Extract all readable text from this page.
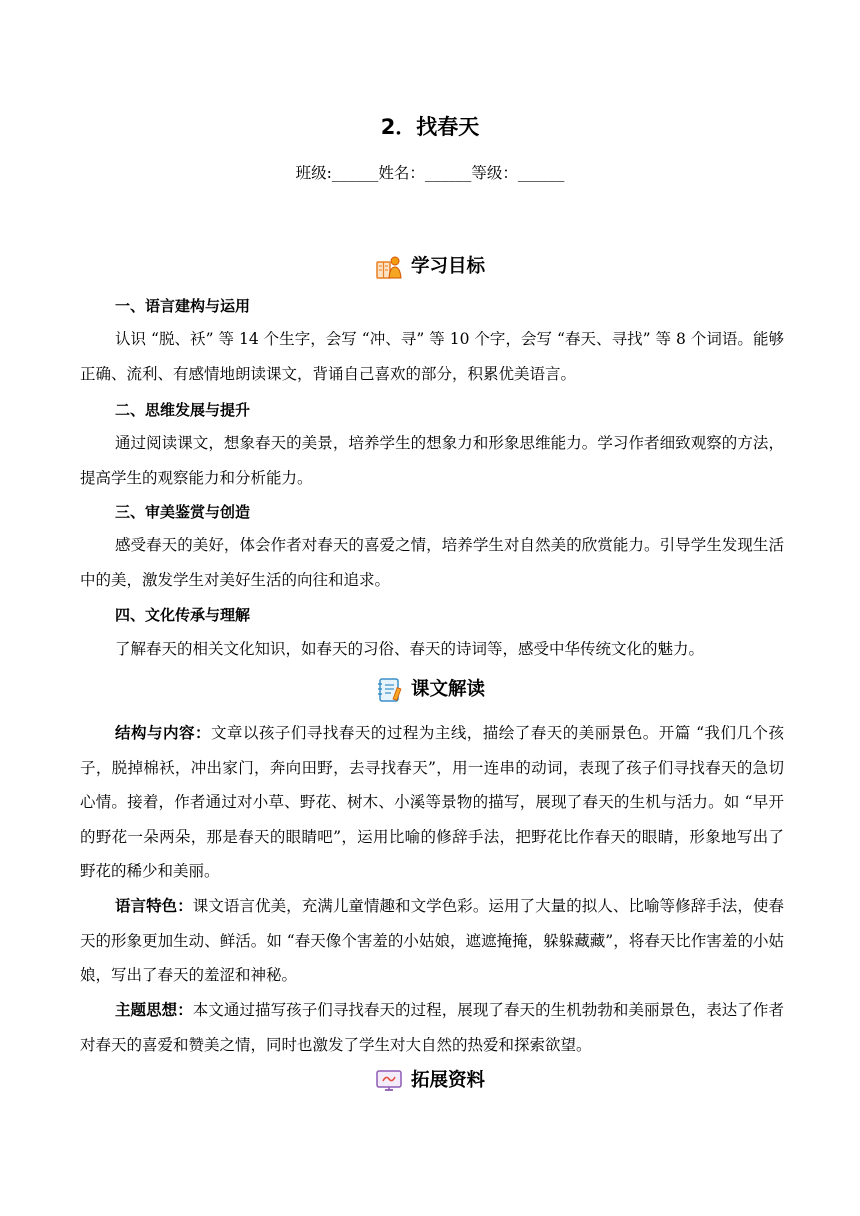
2．找春天
班级:______姓名：______等级：______
学习目标
一、语言建构与运用

认识 “脱、袄” 等 14 个生字，会写 “冲、寻” 等 10 个字，会写 “春天、寻找” 等 8 个词语。能够正确、流利、有感情地朗读课文，背诵自己喜欢的部分，积累优美语言。

二、思维发展与提升

通过阅读课文，想象春天的美景，培养学生的想象力和形象思维能力。学习作者细致观察的方法，提高学生的观察能力和分析能力。

三、审美鉴赏与创造

感受春天的美好，体会作者对春天的喜爱之情，培养学生对自然美的欣赏能力。引导学生发现生活中的美，激发学生对美好生活的向往和追求。

四、文化传承与理解

了解春天的相关文化知识，如春天的习俗、春天的诗词等，感受中华传统文化的魅力。

课文解读

结构与内容：文章以孩子们寻找春天的过程为主线，描绘了春天的美丽景色。开篇 “我们几个孩子，脱掉棉袄，冲出家门，奔向田野，去寻找春天”，用一连串的动词，表现了孩子们寻找春天的急切心情。接着，作者通过对小草、野花、树木、小溪等景物的描写，展现了春天的生机与活力。如 “早开的野花一朵两朵，那是春天的眼睛吧”，运用比喻的修辞手法，把野花比作春天的眼睛，形象地写出了野花的稀少和美丽。

语言特色：课文语言优美，充满儿童情趣和文学色彩。运用了大量的拟人、比喻等修辞手法，使春天的形象更加生动、鲜活。如 “春天像个害羞的小姑娘，遮遮掩掩，躲躲藏藏”，将春天比作害羞的小姑娘，写出了春天的羞涩和神秘。

主题思想：本文通过描写孩子们寻找春天的过程，展现了春天的生机勃勃和美丽景色，表达了作者对春天的喜爱和赞美之情，同时也激发了学生对大自然的热爱和探索欲望。

拓展资料
